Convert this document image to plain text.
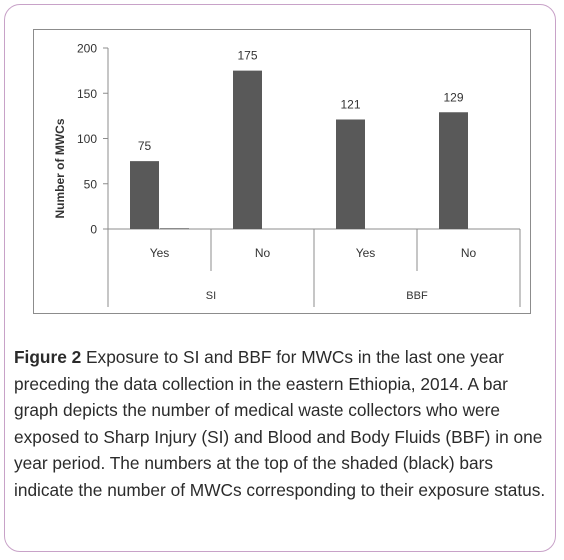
0
50
100
150
200
Number of MWCs	75
175
121
129
Yes	No	Yes	No
SI	BBF
Figure 2 Exposure to SI and BBF for MWCs in the last one year preceding the data collection in the eastern Ethiopia, 2014. A bar graph depicts the number of medical waste collectors who were exposed to Sharp Injury (SI) and Blood and Body Fluids (BBF) in one year period. The numbers at the top of the shaded (black) bars indicate the number of MWCs corresponding to their exposure status.
